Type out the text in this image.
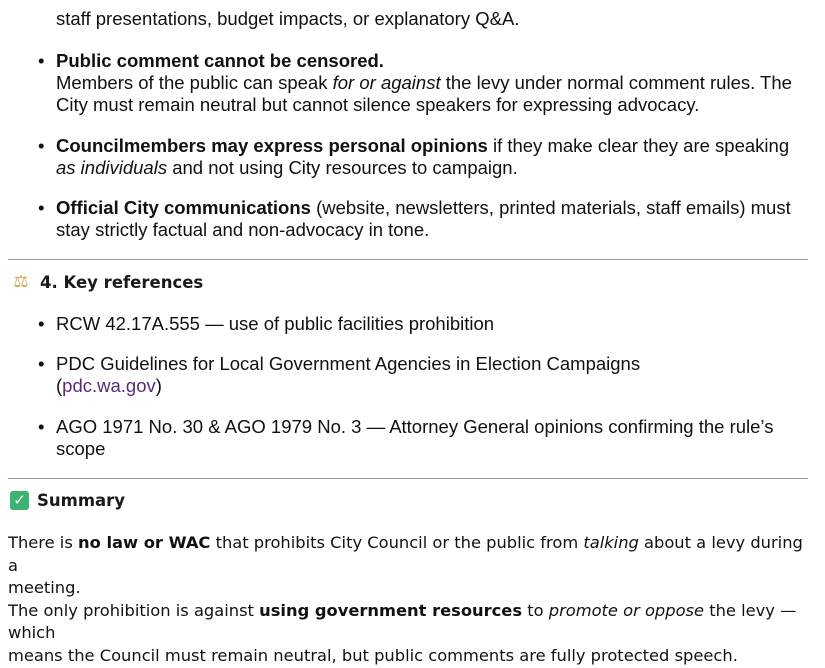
staff presentations, budget impacts, or explanatory Q&A.
• Public comment cannot be censored.
Members of the public can speak for or against the levy under normal comment rules. The
City must remain neutral but cannot silence speakers for expressing advocacy.
• Councilmembers may express personal opinions if they make clear they are speaking
as individuals and not using City resources to campaign.
• Official City communications (website, newsletters, printed materials, staff emails) must
stay strictly factual and non-advocacy in tone.
⚖ 4. Key references
• RCW 42.17A.555 — use of public facilities prohibition
• PDC Guidelines for Local Government Agencies in Election Campaigns
(pdc.wa.gov)
• AGO 1971 No. 30 & AGO 1979 No. 3 — Attorney General opinions confirming the rule’s
scope
✓ Summary
There is no law or WAC that prohibits City Council or the public from talking about a levy during a
meeting.
The only prohibition is against using government resources to promote or oppose the levy — which
means the Council must remain neutral, but public comments are fully protected speech.
